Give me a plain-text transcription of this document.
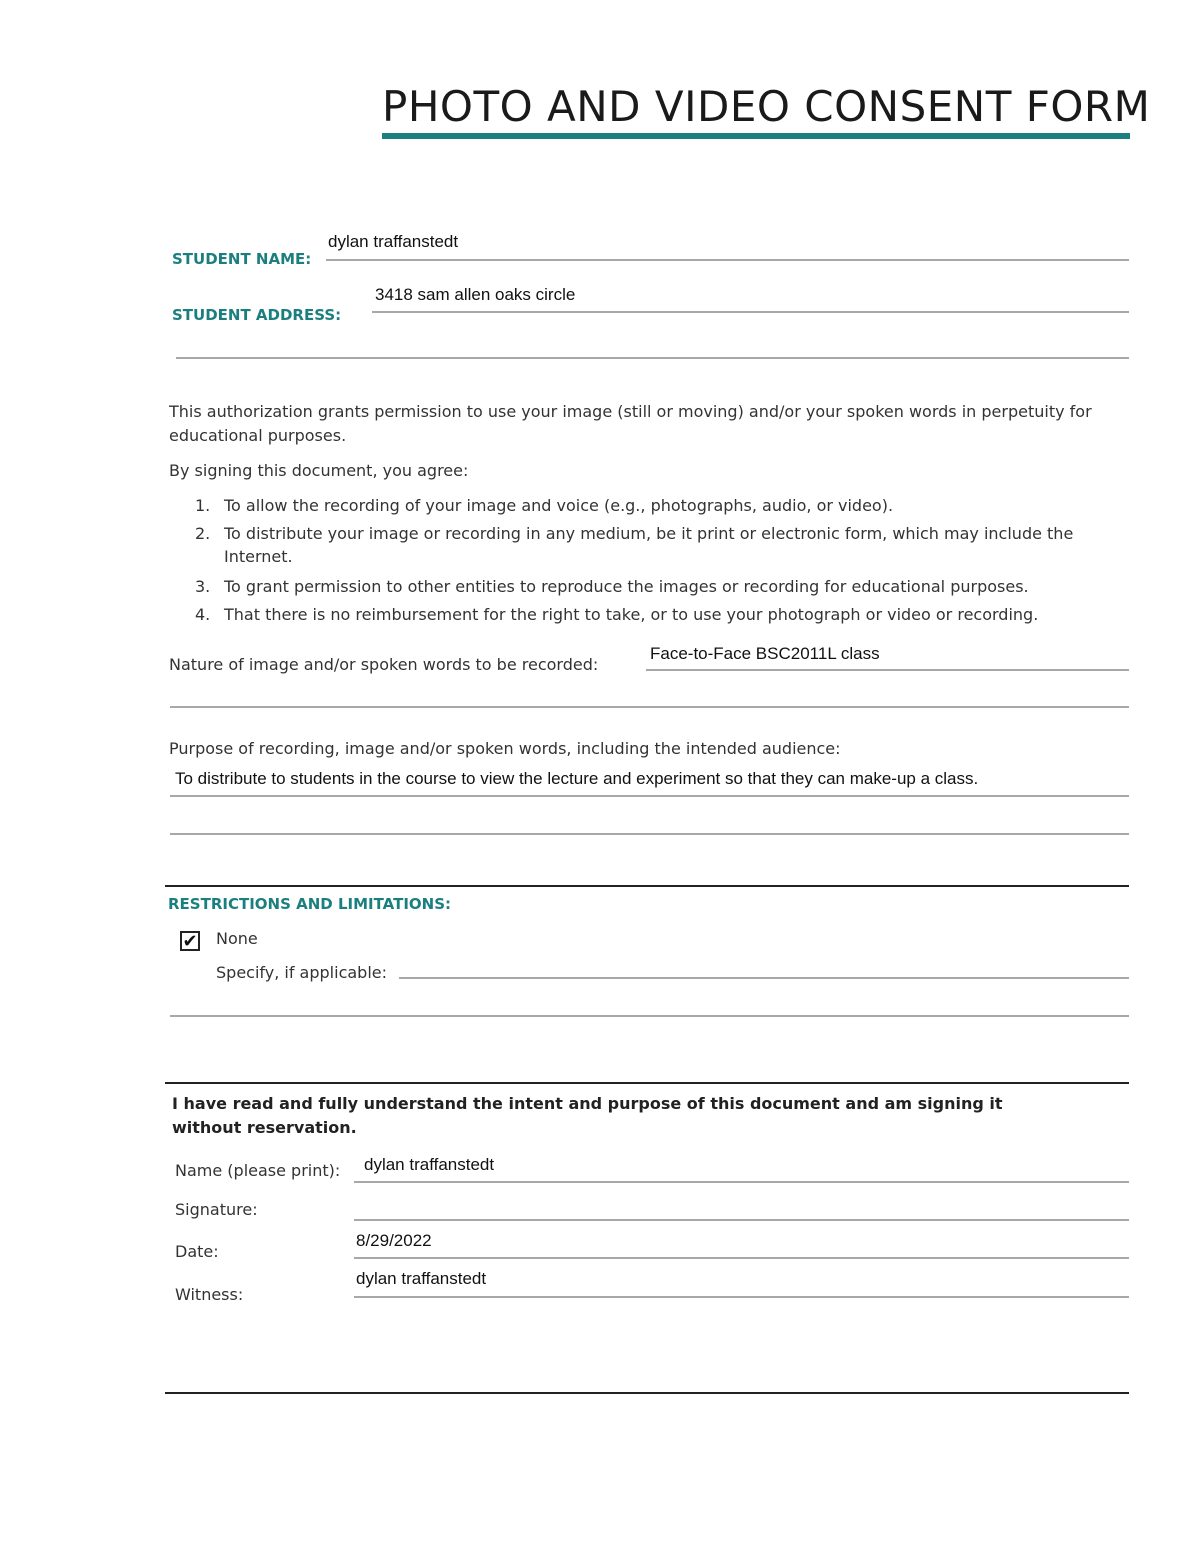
PHOTO AND VIDEO CONSENT FORM
STUDENT NAME:
dylan traffanstedt
STUDENT ADDRESS:
3418 sam allen oaks circle
This authorization grants permission to use your image (still or moving) and/or your spoken words in perpetuity for educational purposes.
By signing this document, you agree:
1. To allow the recording of your image and voice (e.g., photographs, audio, or video).
2. To distribute your image or recording in any medium, be it print or electronic form, which may include the Internet.
3. To grant permission to other entities to reproduce the images or recording for educational purposes.
4. That there is no reimbursement for the right to take, or to use your photograph or video or recording.
Nature of image and/or spoken words to be recorded:
Face-to-Face BSC2011L class
Purpose of recording, image and/or spoken words, including the intended audience:
To distribute to students in the course to view the lecture and experiment so that they can make-up a class.
RESTRICTIONS AND LIMITATIONS:
✔ None
Specify, if applicable:
I have read and fully understand the intent and purpose of this document and am signing it without reservation.
Name (please print): dylan traffanstedt
Signature:
Date:
8/29/2022
Witness:
dylan traffanstedt
